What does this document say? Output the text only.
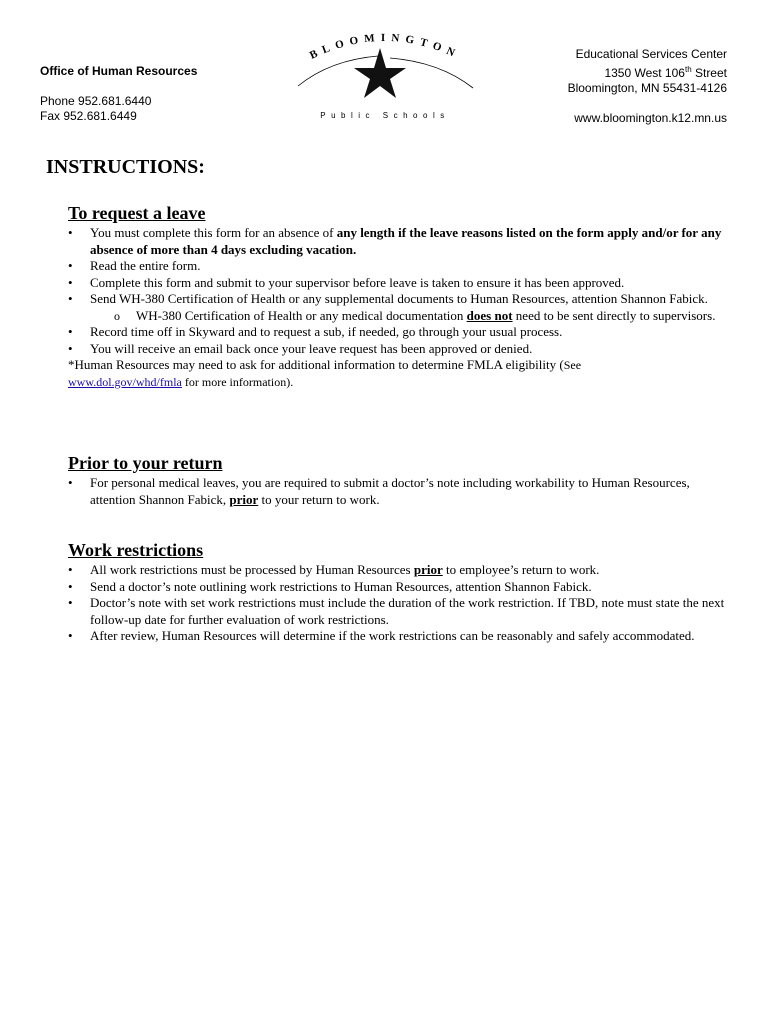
Office of Human Resources
Phone 952.681.6440
Fax 952.681.6449
BLOOMINGTON
Public Schools
Educational Services Center
1350 West 106th Street
Bloomington, MN 55431-4126
www.bloomington.k12.mn.us
INSTRUCTIONS:
To request a leave
• You must complete this form for an absence of any length if the leave reasons listed on the form apply and/or for any absence of more than 4 days excluding vacation.
• Read the entire form.
• Complete this form and submit to your supervisor before leave is taken to ensure it has been approved.
• Send WH-380 Certification of Health or any supplemental documents to Human Resources, attention Shannon Fabick.
o WH-380 Certification of Health or any medical documentation does not need to be sent directly to supervisors.
• Record time off in Skyward and to request a sub, if needed, go through your usual process.
• You will receive an email back once your leave request has been approved or denied.

*Human Resources may need to ask for additional information to determine FMLA eligibility (See
www.dol.gov/whd/fmla for more information).

Prior to your return
• For personal medical leaves, you are required to submit a doctor’s note including workability to Human Resources, attention Shannon Fabick, prior to your return to work.
Work restrictions
• All work restrictions must be processed by Human Resources prior to employee’s return to work.
• Send a doctor’s note outlining work restrictions to Human Resources, attention Shannon Fabick.
• Doctor’s note with set work restrictions must include the duration of the work restriction. If TBD, note must state the next follow-up date for further evaluation of work restrictions.
• After review, Human Resources will determine if the work restrictions can be reasonably and safely accommodated.
